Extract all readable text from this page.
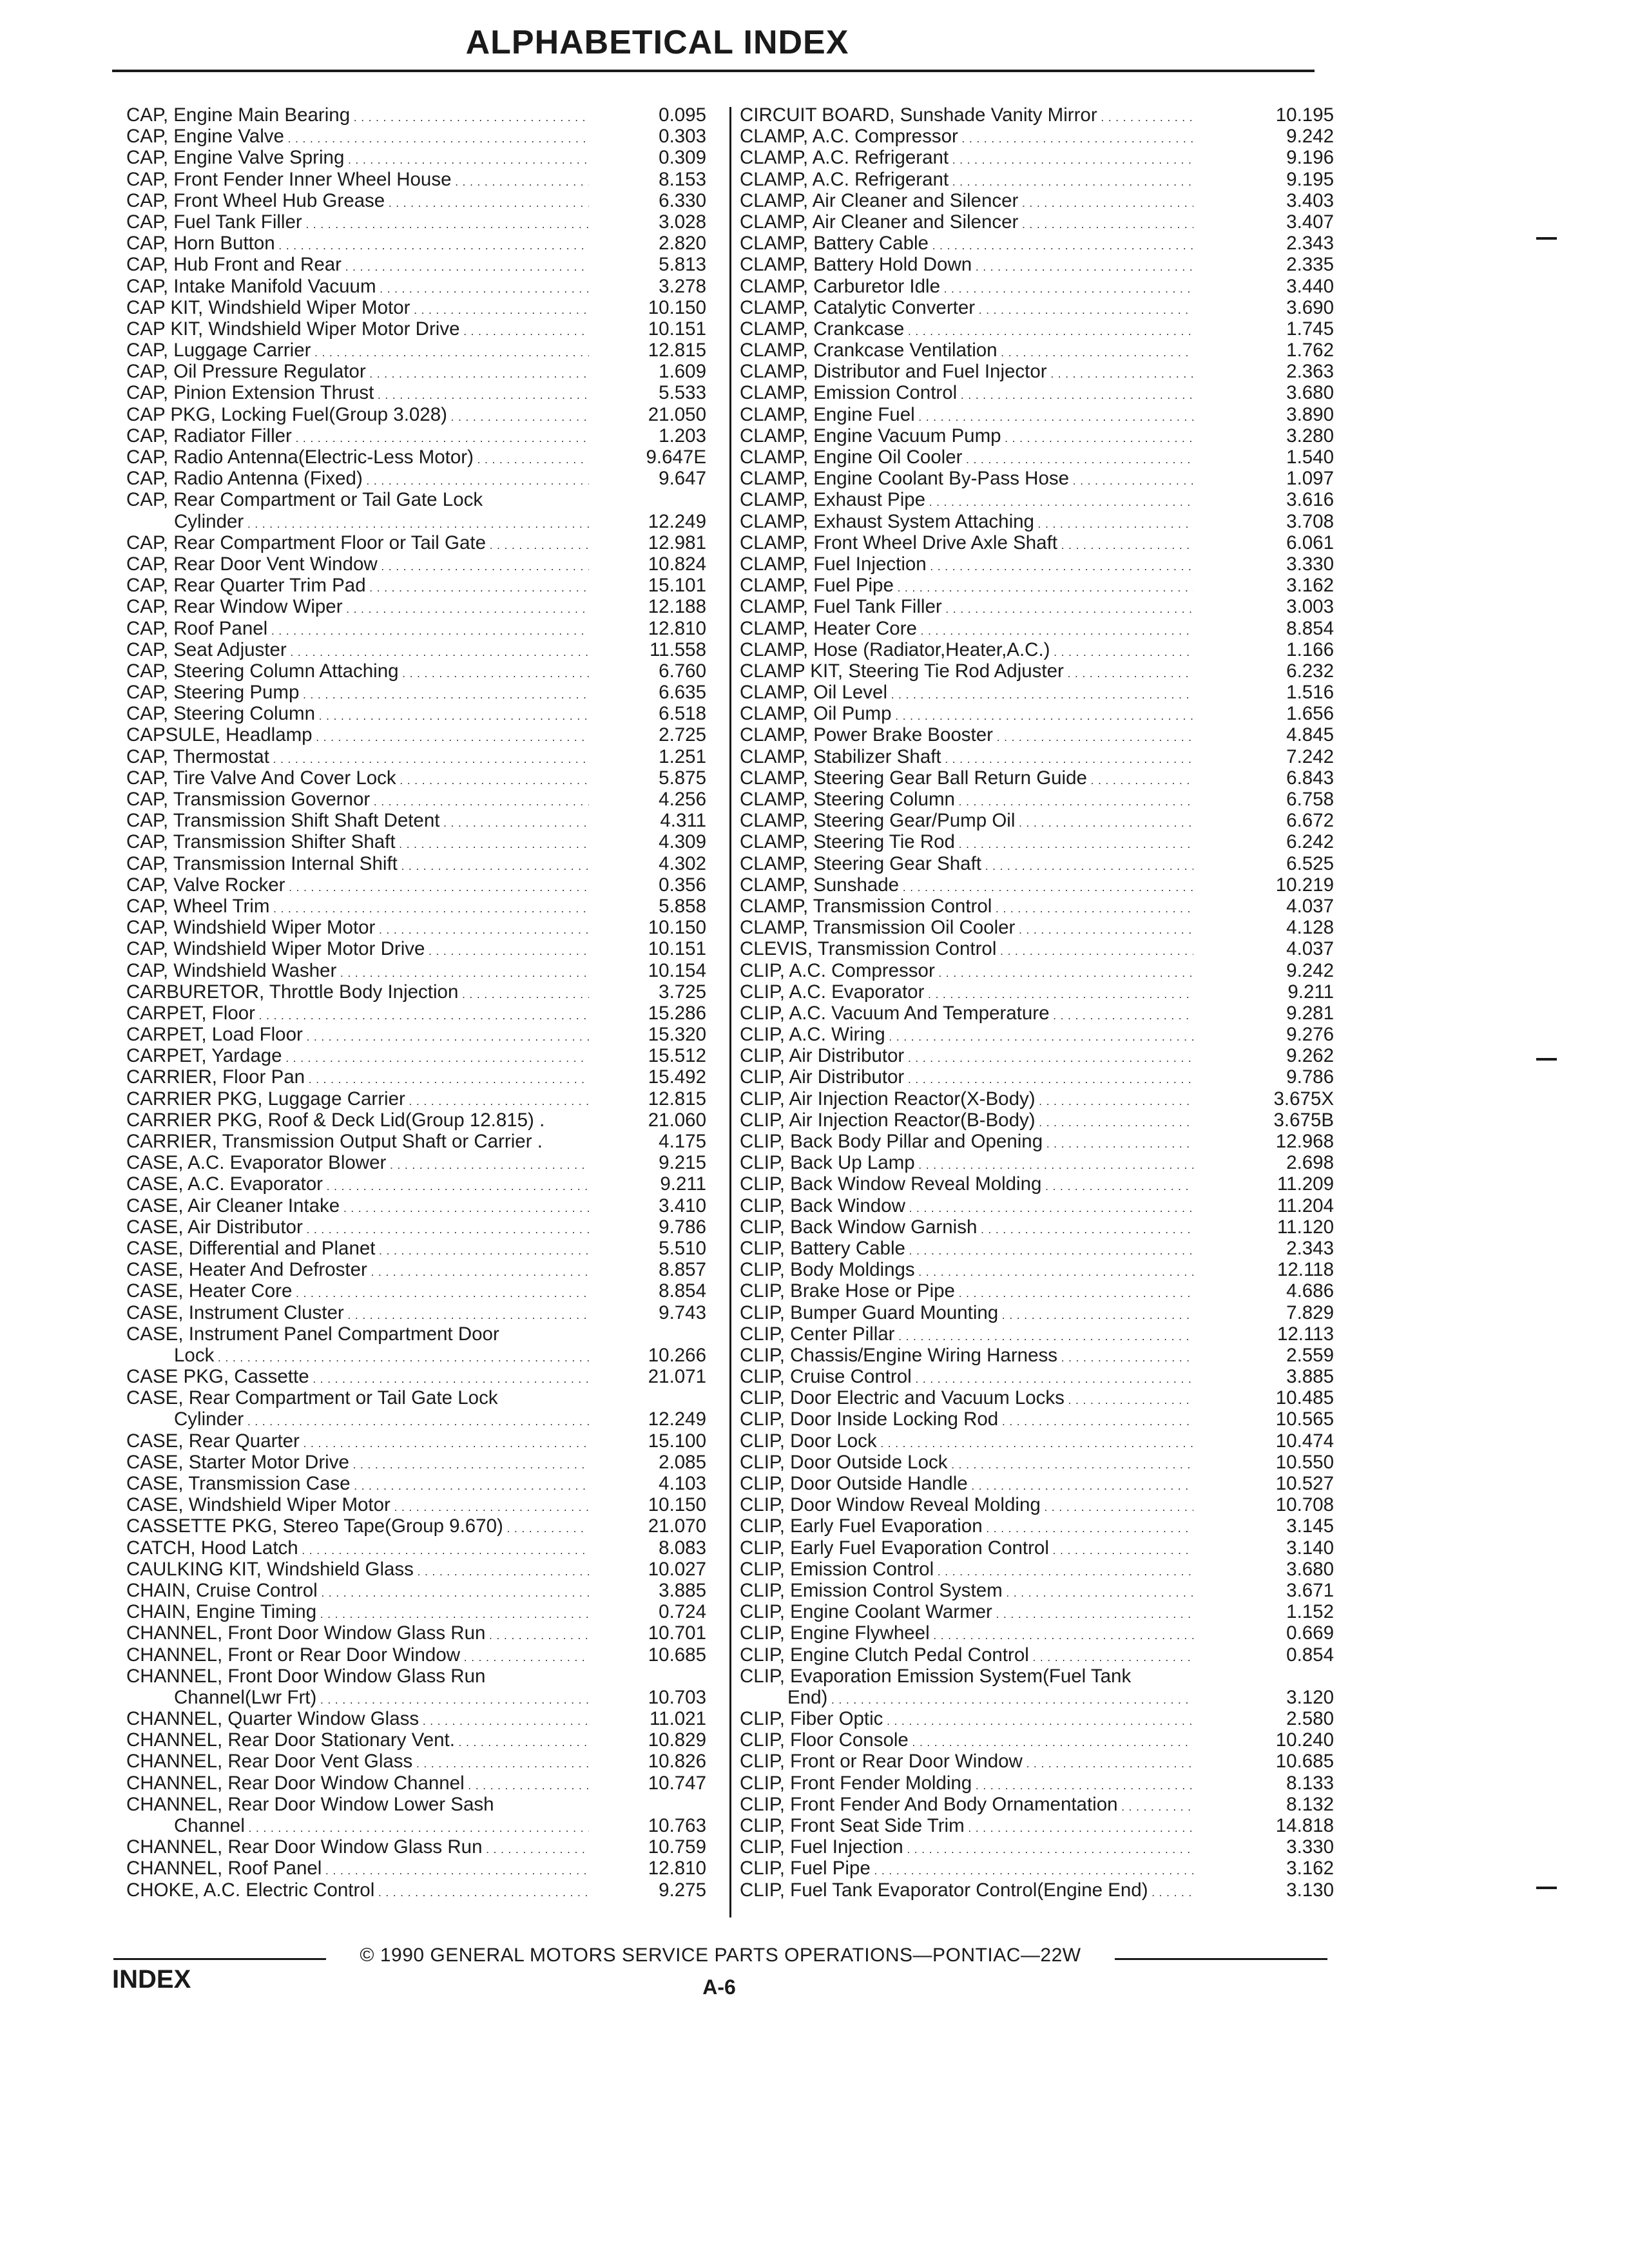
ALPHABETICAL INDEX
CAP, Engine Main Bearing . . .	0.095
CAP, Engine Valve . . .	0.303
CAP, Engine Valve Spring . . .	0.309
CAP, Front Fender Inner Wheel House . . .	8.153
CAP, Front Wheel Hub Grease . . .	6.330
CAP, Fuel Tank Filler . . .	3.028
CAP, Horn Button . . .	2.820
CAP, Hub Front and Rear . . .	5.813
CAP, Intake Manifold Vacuum . . .	3.278
CAP KIT, Windshield Wiper Motor . . .	10.150
CAP KIT, Windshield Wiper Motor Drive . . .	10.151
CAP, Luggage Carrier . . .	12.815
CAP, Oil Pressure Regulator . . .	1.609
CAP, Pinion Extension Thrust . . .	5.533
CAP PKG, Locking Fuel(Group 3.028) . . .	21.050
CAP, Radiator Filler . . .	1.203
CAP, Radio Antenna(Electric-Less Motor) . . .	9.647E
CAP, Radio Antenna (Fixed) . . .	9.647
CAP, Rear Compartment or Tail Gate Lock
Cylinder . . .	12.249
CAP, Rear Compartment Floor or Tail Gate . . .	12.981
CAP, Rear Door Vent Window . . .	10.824
CAP, Rear Quarter Trim Pad . . .	15.101
CAP, Rear Window Wiper . . .	12.188
CAP, Roof Panel . . .	12.810
CAP, Seat Adjuster . . .	11.558
CAP, Steering Column Attaching . . .	6.760
CAP, Steering Pump . . .	6.635
CAP, Steering Column . . .	6.518
CAPSULE, Headlamp . . .	2.725
CAP, Thermostat . . .	1.251
CAP, Tire Valve And Cover Lock . . .	5.875
CAP, Transmission Governor . . .	4.256
CAP, Transmission Shift Shaft Detent . . .	4.311
CAP, Transmission Shifter Shaft . . .	4.309
CAP, Transmission Internal Shift . . .	4.302
CAP, Valve Rocker . . .	0.356
CAP, Wheel Trim . . .	5.858
CAP, Windshield Wiper Motor . . .	10.150
CAP, Windshield Wiper Motor Drive . . .	10.151
CAP, Windshield Washer . . .	10.154
CARBURETOR, Throttle Body Injection . . .	3.725
CARPET, Floor . . .	15.286
CARPET, Load Floor . . .	15.320
CARPET, Yardage . . .	15.512
CARRIER, Floor Pan . . .	15.492
CARRIER PKG, Luggage Carrier . . .	12.815
CARRIER PKG, Roof & Deck Lid(Group 12.815) .	21.060
CARRIER, Transmission Output Shaft or Carrier .	4.175
CASE, A.C. Evaporator Blower . . .	9.215
CASE, A.C. Evaporator . . .	9.211
CASE, Air Cleaner Intake . . .	3.410
CASE, Air Distributor . . .	9.786
CASE, Differential and Planet . . .	5.510
CASE, Heater And Defroster . . .	8.857
CASE, Heater Core . . .	8.854
CASE, Instrument Cluster . . .	9.743
CASE, Instrument Panel Compartment Door
Lock . . .	10.266
CASE PKG, Cassette . . .	21.071
CASE, Rear Compartment or Tail Gate Lock
Cylinder . . .	12.249
CASE, Rear Quarter . . .	15.100
CASE, Starter Motor Drive . . .	2.085
CASE, Transmission Case . . .	4.103
CASE, Windshield Wiper Motor . . .	10.150
CASSETTE PKG, Stereo Tape(Group 9.670) . . .	21.070
CATCH, Hood Latch . . .	8.083
CAULKING KIT, Windshield Glass . . .	10.027
CHAIN, Cruise Control . . .	3.885
CHAIN, Engine Timing . . .	0.724
CHANNEL, Front Door Window Glass Run . . .	10.701
CHANNEL, Front or Rear Door Window . . .	10.685
CHANNEL, Front Door Window Glass Run
Channel(Lwr Frt) . . .	10.703
CHANNEL, Quarter Window Glass . . .	11.021
CHANNEL, Rear Door Stationary Vent. . . .	10.829
CHANNEL, Rear Door Vent Glass . . .	10.826
CHANNEL, Rear Door Window Channel . . .	10.747
CHANNEL, Rear Door Window Lower Sash
Channel . . .	10.763
CHANNEL, Rear Door Window Glass Run . . .	10.759
CHANNEL, Roof Panel . . .	12.810
CHOKE, A.C. Electric Control . . .	9.275
CIRCUIT BOARD, Sunshade Vanity Mirror . . .	10.195
CLAMP, A.C. Compressor . . .	9.242
CLAMP, A.C. Refrigerant . . .	9.196
CLAMP, A.C. Refrigerant . . .	9.195
CLAMP, Air Cleaner and Silencer . . .	3.403
CLAMP, Air Cleaner and Silencer . . .	3.407
CLAMP, Battery Cable . . .	2.343
CLAMP, Battery Hold Down . . .	2.335
CLAMP, Carburetor Idle . . .	3.440
CLAMP, Catalytic Converter . . .	3.690
CLAMP, Crankcase . . .	1.745
CLAMP, Crankcase Ventilation . . .	1.762
CLAMP, Distributor and Fuel Injector . . .	2.363
CLAMP, Emission Control . . .	3.680
CLAMP, Engine Fuel . . .	3.890
CLAMP, Engine Vacuum Pump . . .	3.280
CLAMP, Engine Oil Cooler . . .	1.540
CLAMP, Engine Coolant By-Pass Hose . . .	1.097
CLAMP, Exhaust Pipe . . .	3.616
CLAMP, Exhaust System Attaching . . .	3.708
CLAMP, Front Wheel Drive Axle Shaft . . .	6.061
CLAMP, Fuel Injection . . .	3.330
CLAMP, Fuel Pipe . . .	3.162
CLAMP, Fuel Tank Filler . . .	3.003
CLAMP, Heater Core . . .	8.854
CLAMP, Hose (Radiator,Heater,A.C.) . . .	1.166
CLAMP KIT, Steering Tie Rod Adjuster . . .	6.232
CLAMP, Oil Level . . .	1.516
CLAMP, Oil Pump . . .	1.656
CLAMP, Power Brake Booster . . .	4.845
CLAMP, Stabilizer Shaft . . .	7.242
CLAMP, Steering Gear Ball Return Guide . . .	6.843
CLAMP, Steering Column . . .	6.758
CLAMP, Steering Gear/Pump Oil . . .	6.672
CLAMP, Steering Tie Rod . . .	6.242
CLAMP, Steering Gear Shaft . . .	6.525
CLAMP, Sunshade . . .	10.219
CLAMP, Transmission Control . . .	4.037
CLAMP, Transmission Oil Cooler . . .	4.128
CLEVIS, Transmission Control . . .	4.037
CLIP, A.C. Compressor . . .	9.242
CLIP, A.C. Evaporator . . .	9.211
CLIP, A.C. Vacuum And Temperature . . .	9.281
CLIP, A.C. Wiring . . .	9.276
CLIP, Air Distributor . . .	9.262
CLIP, Air Distributor . . .	9.786
CLIP, Air Injection Reactor(X-Body) . . .	3.675X
CLIP, Air Injection Reactor(B-Body) . . .	3.675B
CLIP, Back Body Pillar and Opening . . .	12.968
CLIP, Back Up Lamp . . .	2.698
CLIP, Back Window Reveal Molding . . .	11.209
CLIP, Back Window . . .	11.204
CLIP, Back Window Garnish . . .	11.120
CLIP, Battery Cable . . .	2.343
CLIP, Body Moldings . . .	12.118
CLIP, Brake Hose or Pipe . . .	4.686
CLIP, Bumper Guard Mounting . . .	7.829
CLIP, Center Pillar . . .	12.113
CLIP, Chassis/Engine Wiring Harness . . .	2.559
CLIP, Cruise Control . . .	3.885
CLIP, Door Electric and Vacuum Locks . . .	10.485
CLIP, Door Inside Locking Rod . . .	10.565
CLIP, Door Lock . . .	10.474
CLIP, Door Outside Lock . . .	10.550
CLIP, Door Outside Handle . . .	10.527
CLIP, Door Window Reveal Molding . . .	10.708
CLIP, Early Fuel Evaporation . . .	3.145
CLIP, Early Fuel Evaporation Control . . .	3.140
CLIP, Emission Control . . .	3.680
CLIP, Emission Control System . . .	3.671
CLIP, Engine Coolant Warmer . . .	1.152
CLIP, Engine Flywheel . . .	0.669
CLIP, Engine Clutch Pedal Control . . .	0.854
CLIP, Evaporation Emission System(Fuel Tank
End) . . .	3.120
CLIP, Fiber Optic . . .	2.580
CLIP, Floor Console . . .	10.240
CLIP, Front or Rear Door Window . . .	10.685
CLIP, Front Fender Molding . . .	8.133
CLIP, Front Fender And Body Ornamentation . . .	8.132
CLIP, Front Seat Side Trim . . .	14.818
CLIP, Fuel Injection . . .	3.330
CLIP, Fuel Pipe . . .	3.162
CLIP, Fuel Tank Evaporator Control(Engine End) . . .	3.130
© 1990 GENERAL MOTORS SERVICE PARTS OPERATIONS—PONTIAC—22W
INDEX	A-6
